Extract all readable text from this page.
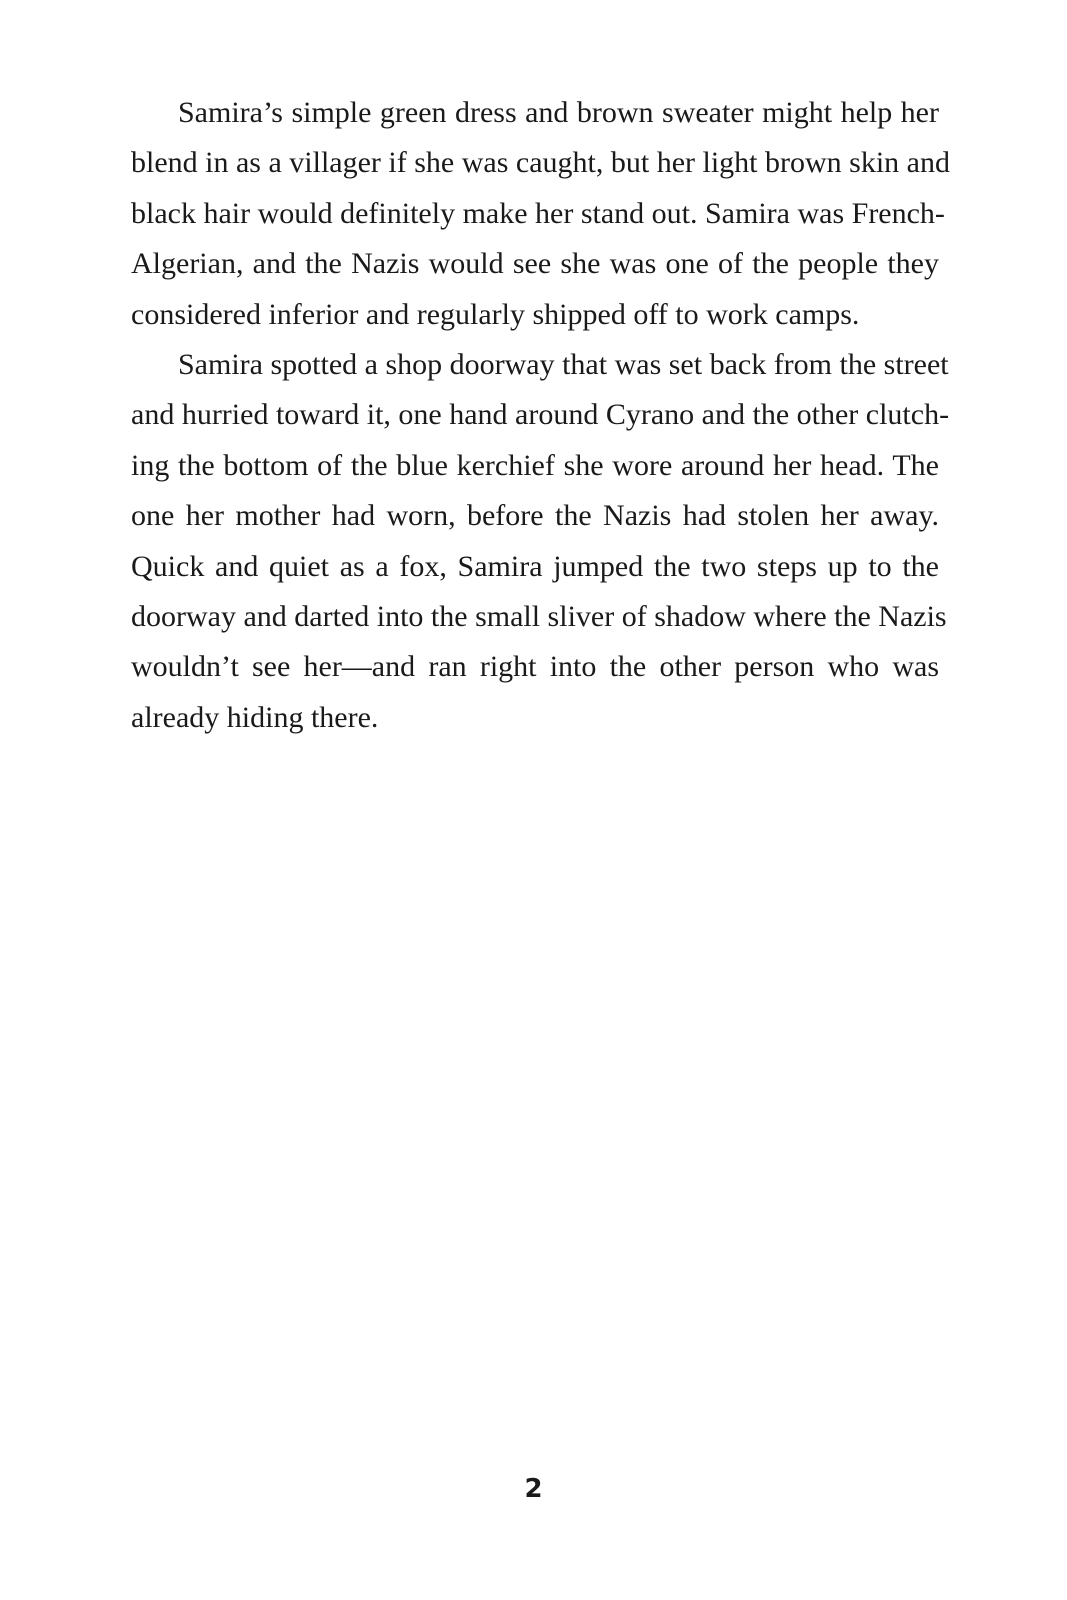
Samira’s simple green dress and brown sweater might help her
blend in as a villager if she was caught, but her light brown skin and
black hair would definitely make her stand out. Samira was French-
Algerian, and the Nazis would see she was one of the people they
considered inferior and regularly shipped off to work camps.
Samira spotted a shop doorway that was set back from the street
and hurried toward it, one hand around Cyrano and the other clutch-
ing the bottom of the blue kerchief she wore around her head. The
one her mother had worn, before the Nazis had stolen her away.
Quick and quiet as a fox, Samira jumped the two steps up to the
doorway and darted into the small sliver of shadow where the Nazis
wouldn’t see her—and ran right into the other person who was
already hiding there.
2
